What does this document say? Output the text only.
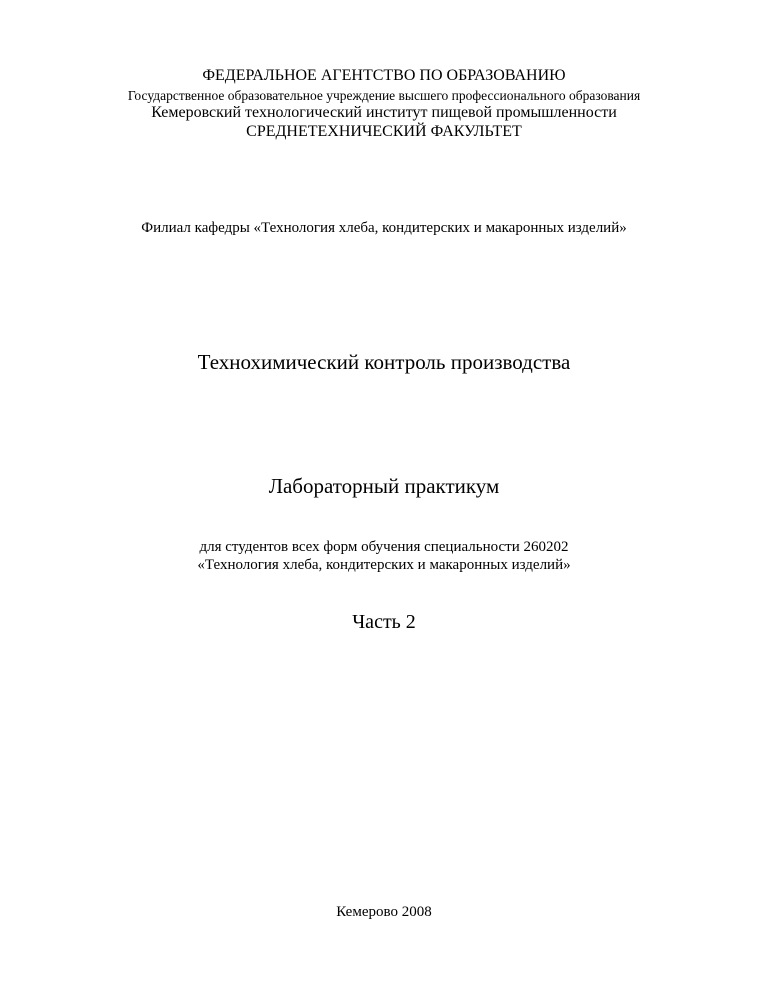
ФЕДЕРАЛЬНОЕ АГЕНТСТВО ПО ОБРАЗОВАНИЮ
Государственное образовательное учреждение высшего профессионального образования
Кемеровский технологический институт пищевой промышленности
СРЕДНЕТЕХНИЧЕСКИЙ ФАКУЛЬТЕТ
Филиал кафедры «Технология хлеба, кондитерских и макаронных изделий»
Технохимический контроль производства
Лабораторный практикум
для студентов всех форм обучения специальности 260202
«Технология хлеба, кондитерских и макаронных изделий»
Часть 2
Кемерово 2008
